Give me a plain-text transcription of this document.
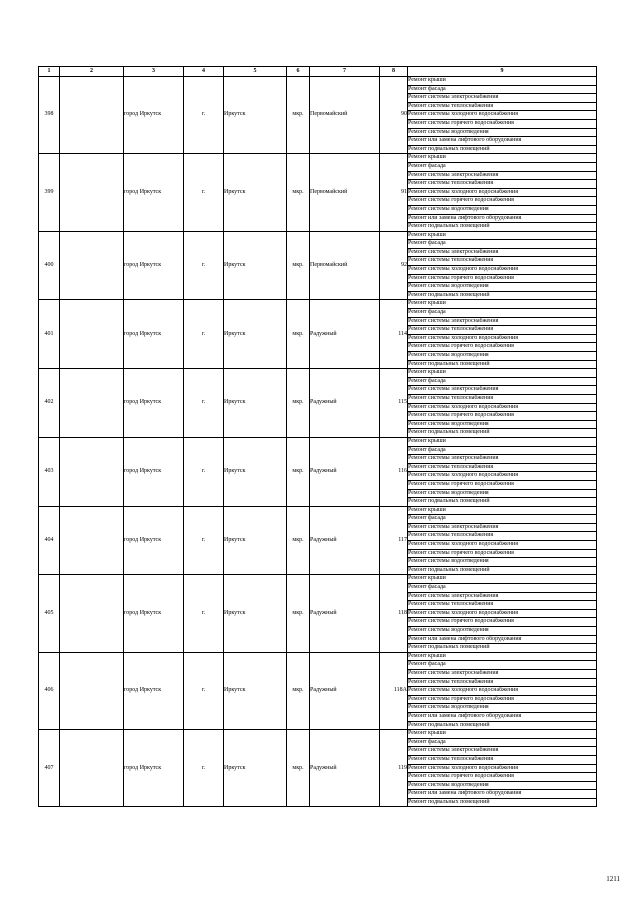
1	2	3	4	5	6	7	8	9
398		город Иркутск	г.	Иркутск	мкр.	Первомайский	90	Ремонт крыши
								Ремонт фасада
								Ремонт системы электроснабжения
								Ремонт системы теплоснабжения
								Ремонт системы холодного водоснабжения
								Ремонт системы горячего водоснабжения
								Ремонт системы водоотведения
								Ремонт или замена лифтового оборудования
								Ремонт подвальных помещений
399		город Иркутск	г.	Иркутск	мкр.	Первомайский	91	Ремонт крыши
								Ремонт фасада
								Ремонт системы электроснабжения
								Ремонт системы теплоснабжения
								Ремонт системы холодного водоснабжения
								Ремонт системы горячего водоснабжения
								Ремонт системы водоотведения
								Ремонт или замена лифтового оборудования
								Ремонт подвальных помещений
400		город Иркутск	г.	Иркутск	мкр.	Первомайский	92	Ремонт крыши
								Ремонт фасада
								Ремонт системы электроснабжения
								Ремонт системы теплоснабжения
								Ремонт системы холодного водоснабжения
								Ремонт системы горячего водоснабжения
								Ремонт системы водоотведения
								Ремонт подвальных помещений
401		город Иркутск	г.	Иркутск	мкр.	Радужный	114	Ремонт крыши
								Ремонт фасада
								Ремонт системы электроснабжения
								Ремонт системы теплоснабжения
								Ремонт системы холодного водоснабжения
								Ремонт системы горячего водоснабжения
								Ремонт системы водоотведения
								Ремонт подвальных помещений
402		город Иркутск	г.	Иркутск	мкр.	Радужный	115	Ремонт крыши
								Ремонт фасада
								Ремонт системы электроснабжения
								Ремонт системы теплоснабжения
								Ремонт системы холодного водоснабжения
								Ремонт системы горячего водоснабжения
								Ремонт системы водоотведения
								Ремонт подвальных помещений
403		город Иркутск	г.	Иркутск	мкр.	Радужный	116	Ремонт крыши
								Ремонт фасада
								Ремонт системы электроснабжения
								Ремонт системы теплоснабжения
								Ремонт системы холодного водоснабжения
								Ремонт системы горячего водоснабжения
								Ремонт системы водоотведения
								Ремонт подвальных помещений
404		город Иркутск	г.	Иркутск	мкр.	Радужный	117	Ремонт крыши
								Ремонт фасада
								Ремонт системы электроснабжения
								Ремонт системы теплоснабжения
								Ремонт системы холодного водоснабжения
								Ремонт системы горячего водоснабжения
								Ремонт системы водоотведения
								Ремонт подвальных помещений
405		город Иркутск	г.	Иркутск	мкр.	Радужный	118	Ремонт крыши
								Ремонт фасада
								Ремонт системы электроснабжения
								Ремонт системы теплоснабжения
								Ремонт системы холодного водоснабжения
								Ремонт системы горячего водоснабжения
								Ремонт системы водоотведения
								Ремонт или замена лифтового оборудования
								Ремонт подвальных помещений
406		город Иркутск	г.	Иркутск	мкр.	Радужный	118А	Ремонт крыши
								Ремонт фасада
								Ремонт системы электроснабжения
								Ремонт системы теплоснабжения
								Ремонт системы холодного водоснабжения
								Ремонт системы горячего водоснабжения
								Ремонт системы водоотведения
								Ремонт или замена лифтового оборудования
								Ремонт подвальных помещений
407		город Иркутск	г.	Иркутск	мкр.	Радужный	119	Ремонт крыши
								Ремонт фасада
								Ремонт системы электроснабжения
								Ремонт системы теплоснабжения
								Ремонт системы холодного водоснабжения
								Ремонт системы горячего водоснабжения
								Ремонт системы водоотведения
								Ремонт или замена лифтового оборудования
								Ремонт подвальных помещений
1211
